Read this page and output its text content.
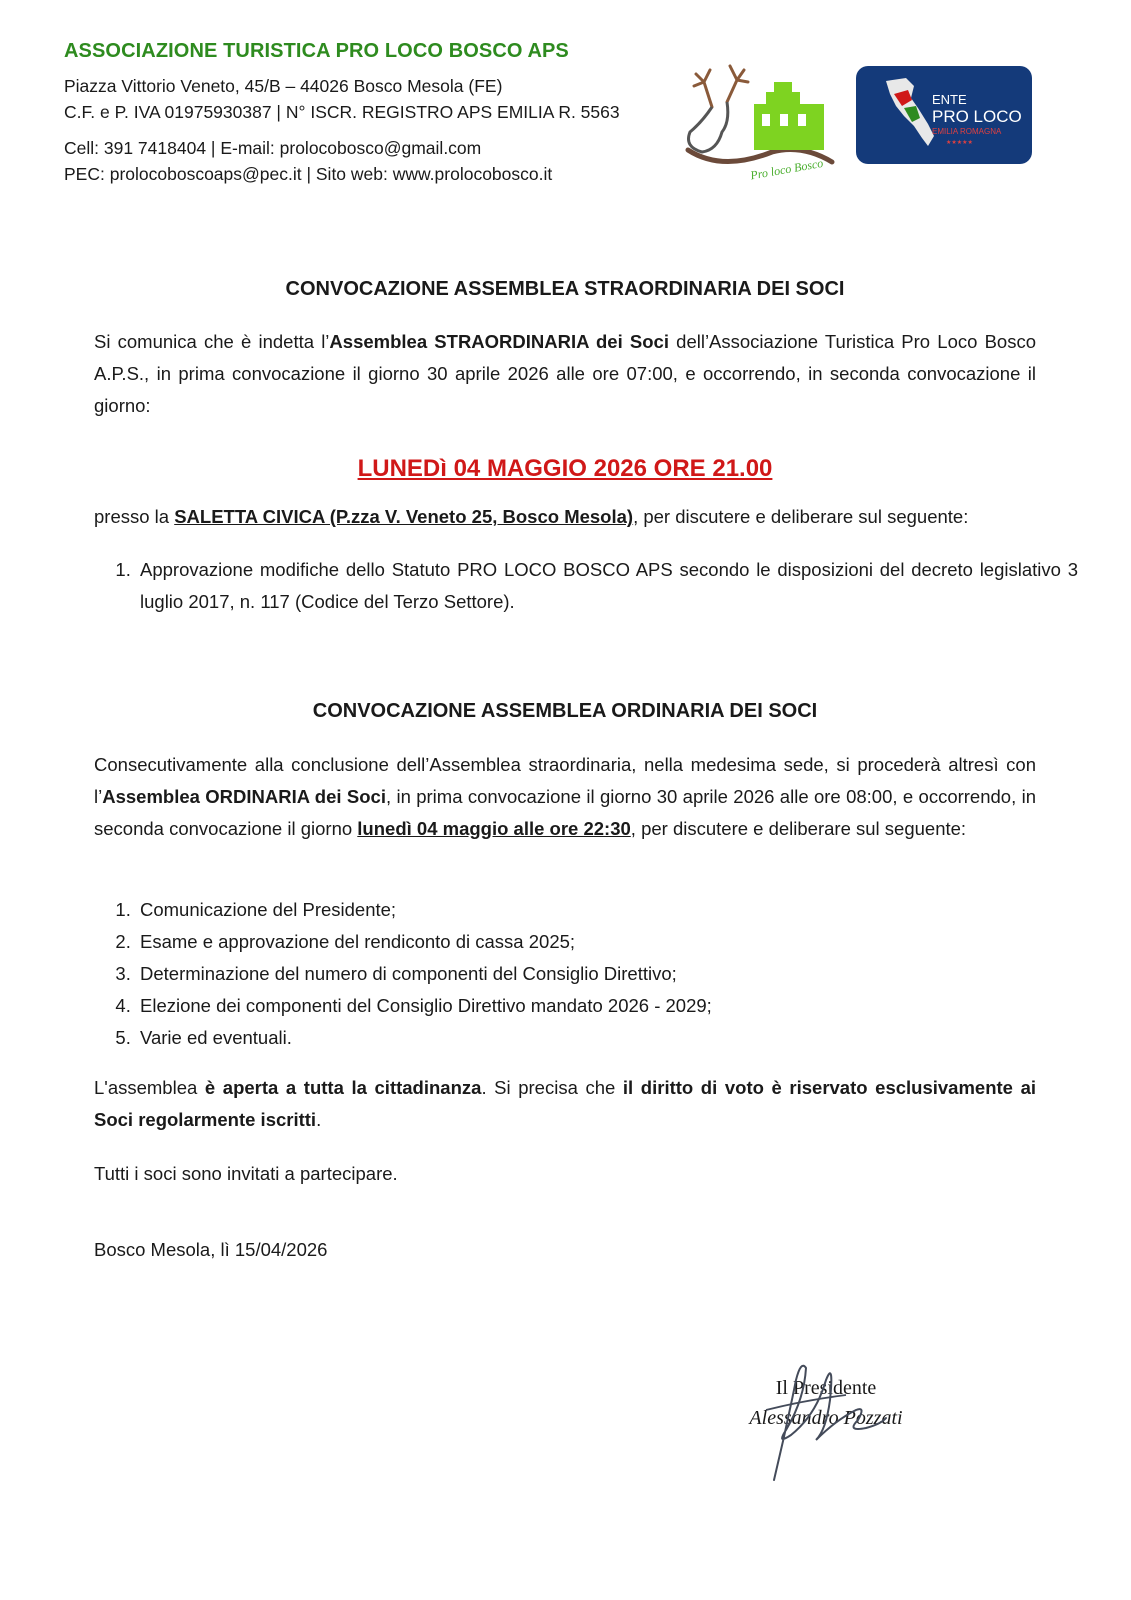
ASSOCIAZIONE TURISTICA PRO LOCO BOSCO APS

Piazza Vittorio Veneto, 45/B – 44026 Bosco Mesola (FE)

C.F. e P. IVA 01975930387 | N° ISCR. REGISTRO APS EMILIA R. 5563

Cell: 391 7418404 | E-mail: prolocobosco@gmail.com

PEC: prolocoboscoaps@pec.it | Sito web: www.prolocobosco.it	Pro loco Bosco
ENTE
PRO LOCO
EMILIA ROMAGNA
★★★★★

CONVOCAZIONE ASSEMBLEA STRAORDINARIA DEI SOCI

Si comunica che è indetta l’Assemblea STRAORDINARIA dei Soci dell’Associazione Turistica Pro Loco Bosco A.P.S., in prima convocazione il giorno 30 aprile 2026 alle ore 07:00, e occorrendo, in seconda convocazione il giorno:

LUNEDì 04 MAGGIO 2026 ORE 21.00

presso la SALETTA CIVICA (P.zza V. Veneto 25, Bosco Mesola), per discutere e deliberare sul seguente:

1. Approvazione modifiche dello Statuto PRO LOCO BOSCO APS secondo le disposizioni del decreto legislativo 3 luglio 2017, n. 117 (Codice del Terzo Settore).

CONVOCAZIONE ASSEMBLEA ORDINARIA DEI SOCI

Consecutivamente alla conclusione dell’Assemblea straordinaria, nella medesima sede, si procederà altresì con l’Assemblea ORDINARIA dei Soci, in prima convocazione il giorno 30 aprile 2026 alle ore 08:00, e occorrendo, in seconda convocazione il giorno lunedì 04 maggio alle ore 22:30, per discutere e deliberare sul seguente:

1. Comunicazione del Presidente;
2. Esame e approvazione del rendiconto di cassa 2025;
3. Determinazione del numero di componenti del Consiglio Direttivo;
4. Elezione dei componenti del Consiglio Direttivo mandato 2026 - 2029;
5. Varie ed eventuali.

L'assemblea è aperta a tutta la cittadinanza. Si precisa che il diritto di voto è riservato esclusivamente ai Soci regolarmente iscritti.

Tutti i soci sono invitati a partecipare.

Bosco Mesola, lì 15/04/2026

Il Presidente
Alessandro Pozzati
